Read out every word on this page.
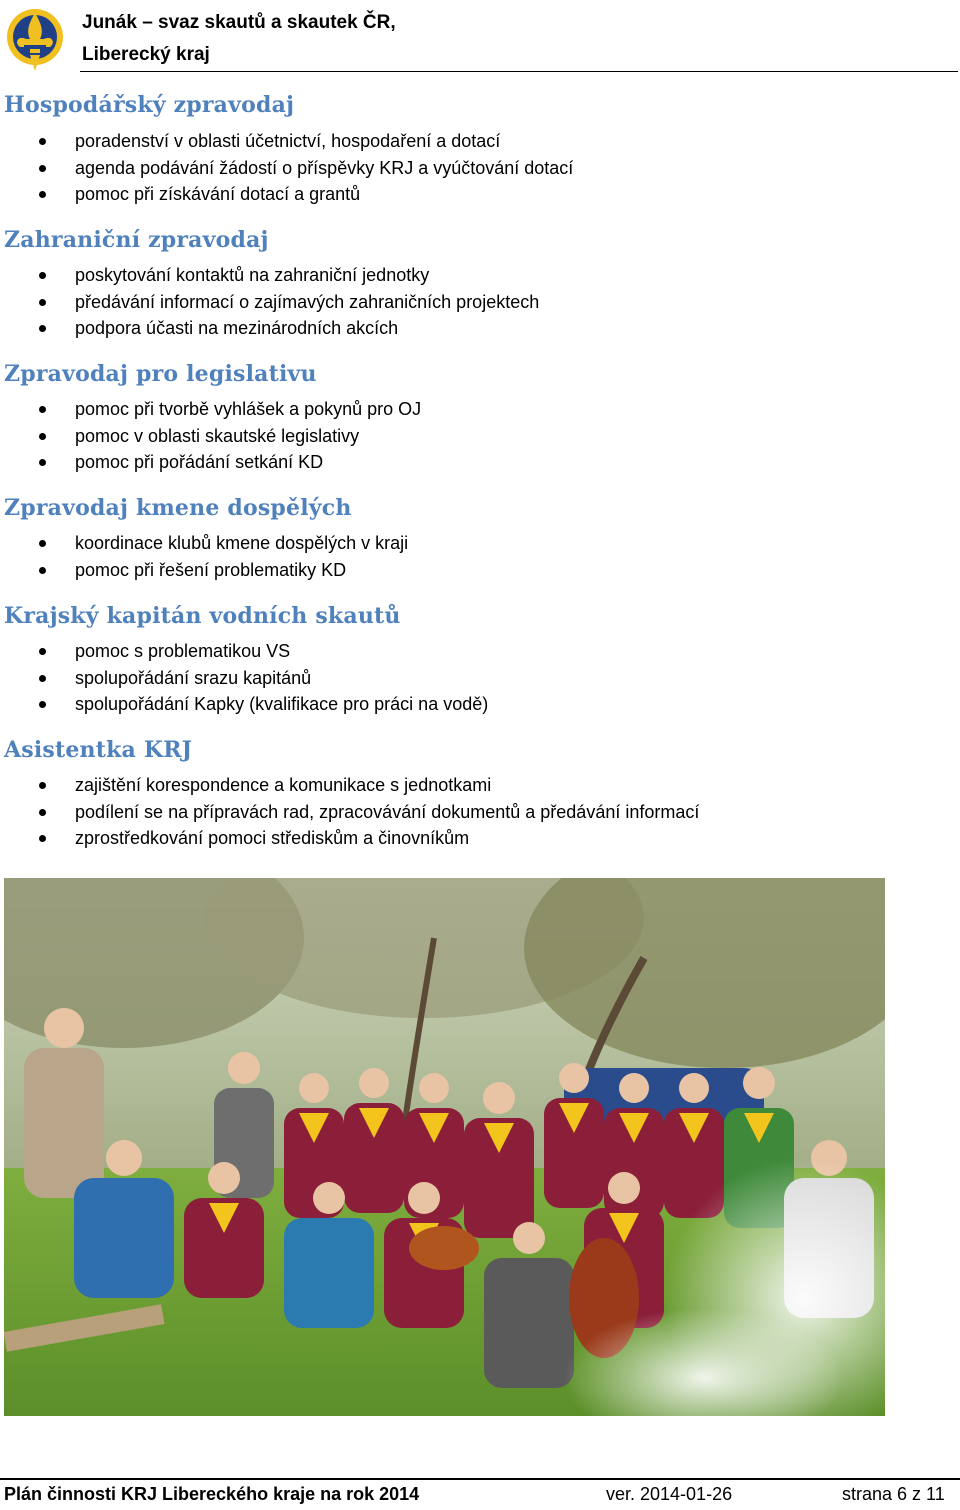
Junák – svaz skautů a skautek ČR,
Liberecký kraj
Hospodářský zpravodaj
poradenství v oblasti účetnictví, hospodaření a dotací
agenda podávání žádostí o příspěvky KRJ a vyúčtování dotací
pomoc při získávání dotací a grantů
Zahraniční zpravodaj
poskytování kontaktů na zahraniční jednotky
předávání informací o zajímavých zahraničních projektech
podpora účasti na mezinárodních akcích
Zpravodaj pro legislativu
pomoc při tvorbě vyhlášek a pokynů pro OJ
pomoc v oblasti skautské legislativy
pomoc při pořádání setkání KD
Zpravodaj kmene dospělých
koordinace klubů kmene dospělých v kraji
pomoc při řešení problematiky KD
Krajský kapitán vodních skautů
pomoc s problematikou VS
spolupořádání srazu kapitánů
spolupořádání Kapky (kvalifikace pro práci na vodě)
Asistentka KRJ
zajištění korespondence a komunikace s jednotkami
podílení se na přípravách rad, zpracovávání dokumentů a předávání informací
zprostředkování pomoci střediskům a činovníkům
Plán činnosti KRJ Libereckého kraje na rok 2014	ver. 2014-01-26	strana 6 z 11
